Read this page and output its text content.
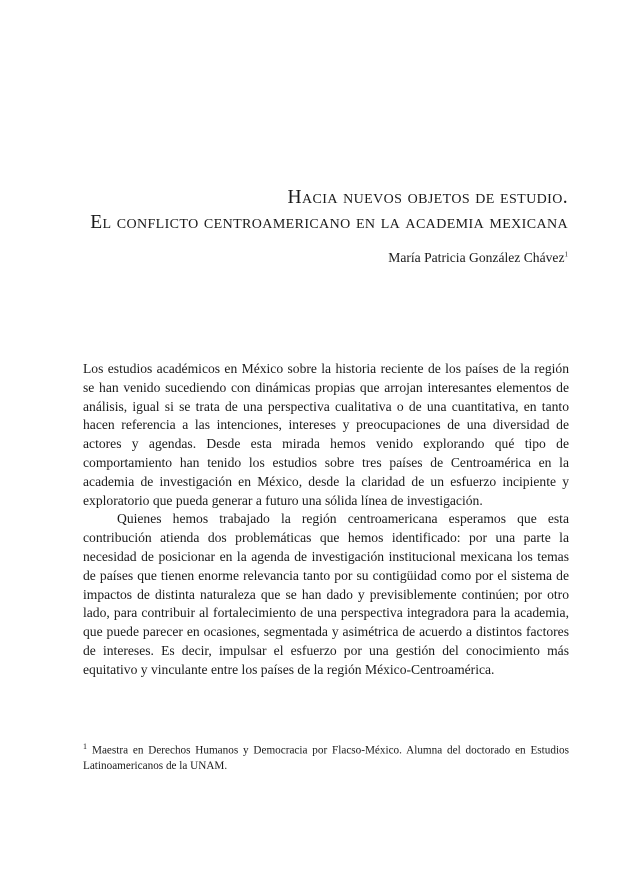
Hacia nuevos objetos de estudio.
El conflicto centroamericano en la academia mexicana
María Patricia González Chávez$^1$

Los estudios académicos en México sobre la historia reciente de los países de la región se han venido sucediendo con dinámicas propias que arrojan interesantes elementos de análisis, igual si se trata de una perspectiva cualitativa o de una cuantitativa, en tanto hacen referencia a las intenciones, intereses y preocupaciones de una diversidad de actores y agendas. Desde esta mirada hemos venido explorando qué tipo de comportamiento han tenido los estudios sobre tres países de Centroamérica en la academia de investigación en México, desde la claridad de un esfuerzo incipiente y exploratorio que pueda generar a futuro una sólida línea de investigación.

Quienes hemos trabajado la región centroamericana esperamos que esta contribución atienda dos problemáticas que hemos identificado: por una parte la necesidad de posicionar en la agenda de investigación institucional mexicana los temas de países que tienen enorme relevancia tanto por su contigüidad como por el sistema de impactos de distinta naturaleza que se han dado y previsiblemente continúen; por otro lado, para contribuir al fortalecimiento de una perspectiva integradora para la academia, que puede parecer en ocasiones, segmentada y asimétrica de acuerdo a distintos factores de intereses. Es decir, impulsar el esfuerzo por una gestión del conocimiento más equitativo y vinculante entre los países de la región México-Centroamérica.

$^1$ Maestra en Derechos Humanos y Democracia por Flacso-México. Alumna del doctorado en Estudios Latinoamericanos de la UNAM.
